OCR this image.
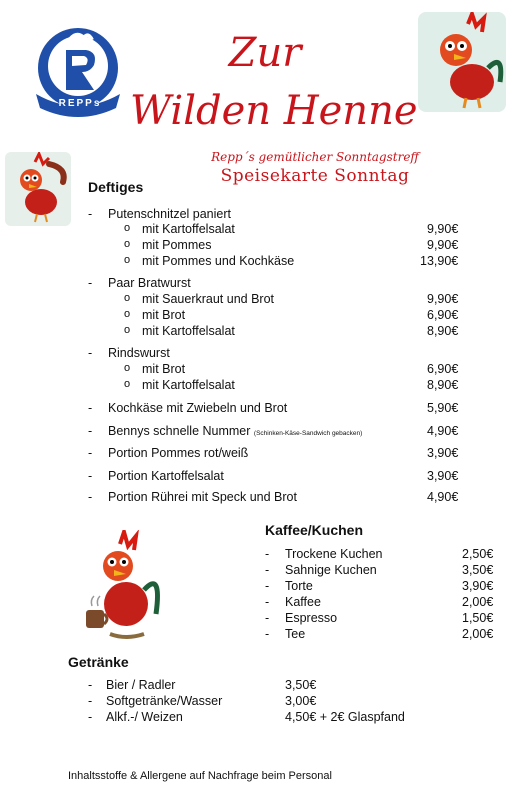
REPPs
Zur
Wilden Henne
Repp´s gemütlicher Sonntagstreff
Speisekarte Sonntag
Deftiges
- Putenschnitzel paniert
o mit Kartoffelsalat	9,90€
o mit Pommes	9,90€
o mit Pommes und Kochkäse	13,90€
- Paar Bratwurst
o mit Sauerkraut und Brot	9,90€
o mit Brot	6,90€
o mit Kartoffelsalat	8,90€
- Rindswurst
o mit Brot	6,90€
o mit Kartoffelsalat	8,90€
- Kochkäse mit Zwiebeln und Brot	5,90€
- Bennys schnelle Nummer (Schinken-Käse-Sandwich gebacken)	4,90€
- Portion Pommes rot/weiß	3,90€
- Portion Kartoffelsalat	3,90€
- Portion Rührei mit Speck und Brot	4,90€
Kaffee/Kuchen
- Trockene Kuchen	2,50€
- Sahnige Kuchen	3,50€
- Torte	3,90€
- Kaffee	2,00€
- Espresso	1,50€
- Tee	2,00€
Getränke
- Bier / Radler	3,50€
- Softgetränke/Wasser	3,00€
- Alkf.-/ Weizen	4,50€ + 2€ Glaspfand
Inhaltsstoffe & Allergene auf Nachfrage beim Personal
